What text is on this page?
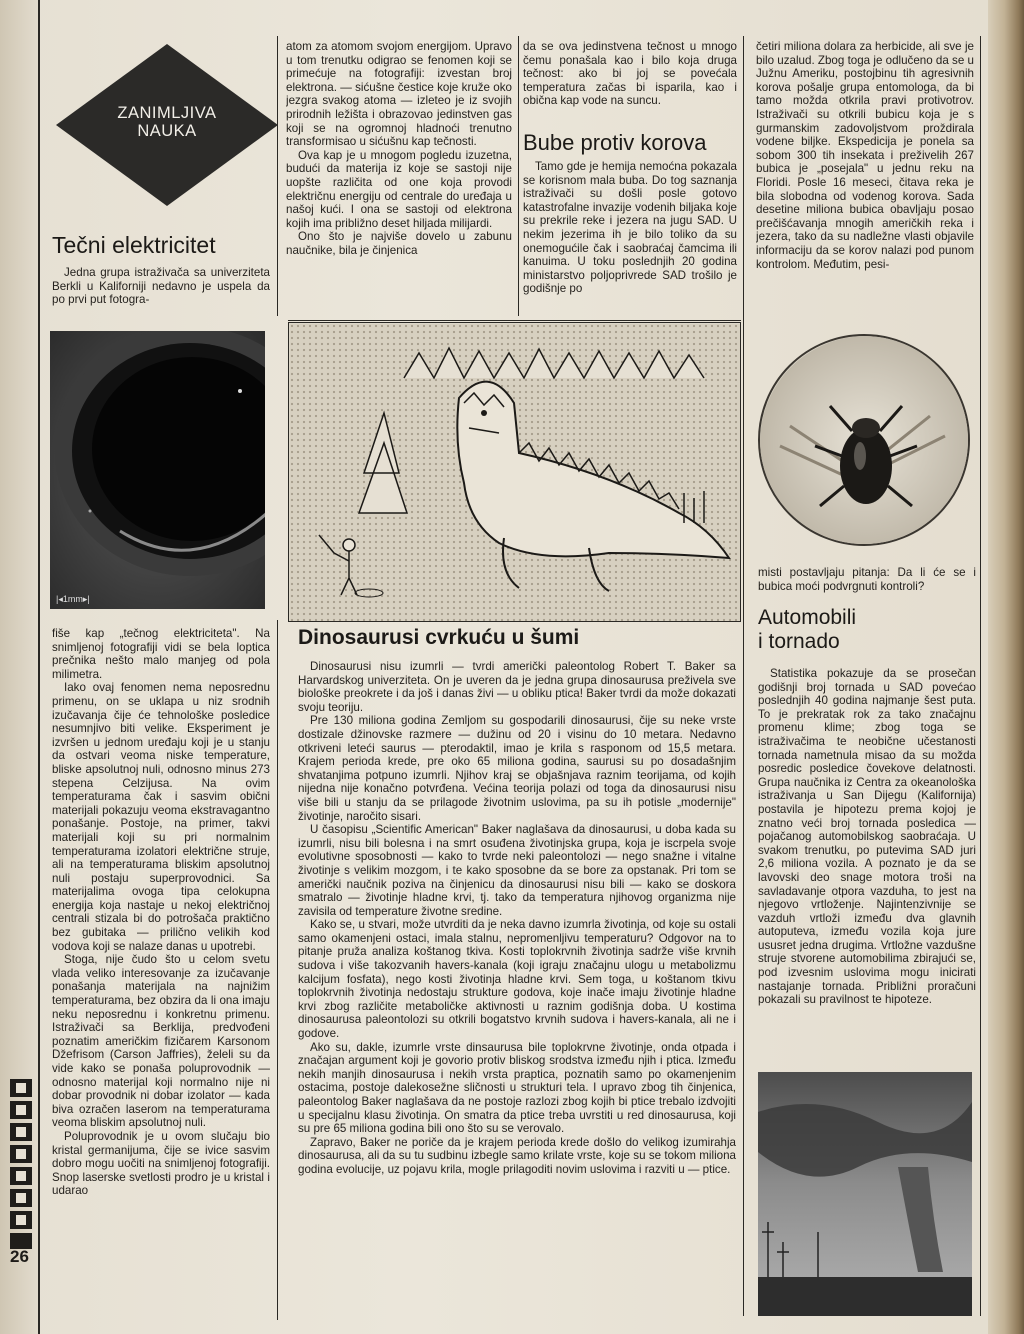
ZANIMLJIVA
NAUKA
Tečni elektricitet

Jedna grupa istraživača sa univerziteta Berkli u Kaliforniji nedavno je uspela da po prvi put fotogra-

|◂1mm▸|

fiše kap „tečnog elektriciteta". Na snimljenoj fotografiji vidi se bela loptica prečnika nešto malo manjeg od pola milimetra.

Iako ovaj fenomen nema neposrednu primenu, on se uklapa u niz srodnih izučavanja čije će tehnološke posledice nesumnjivo biti velike. Eksperiment je izvršen u jednom uređaju koji je u stanju da ostvari veoma niske temperature, bliske apsolutnoj nuli, odnosno minus 273 stepena Celzijusa. Na ovim temperaturama čak i sasvim obični materijali pokazuju veoma ekstravagantno ponašanje. Postoje, na primer, takvi materijali koji su pri normalnim temperaturama izolatori električne struje, ali na temperaturama bliskim apsolutnoj nuli postaju superprovodnici. Sa materijalima ovoga tipa celokupna energija koja nastaje u nekoj električnoj centrali stizala bi do potrošača praktično bez gubitaka — prilično velikih kod vodova koji se nalaze danas u upotrebi.

Stoga, nije čudo što u celom svetu vlada veliko interesovanje za izučavanje ponašanja materijala na najnižim temperaturama, bez obzira da li ona imaju neku neposrednu i konkretnu primenu. Istraživači sa Berklija, predvođeni poznatim američkim fizičarem Karsonom Džefrisom (Carson Jaffries), želeli su da vide kako se ponaša poluprovodnik — odnosno materijal koji normalno nije ni dobar provodnik ni dobar izolator — kada biva ozračen laserom na temperaturama veoma bliskim apsolutnoj nuli.

Poluprovodnik je u ovom slučaju bio kristal germanijuma, čije se ivice sasvim dobro mogu uočiti na snimljenoj fotografiji. Snop laserske svetlosti prodro je u kristal i udarao

atom za atomom svojom energijom. Upravo u tom trenutku odigrao se fenomen koji se primećuje na fotografiji: izvestan broj elektrona. — sićušne čestice koje kruže oko jezgra svakog atoma — izleteo je iz svojih prirodnih ležišta i obrazovao jedinstven gas koji se na ogromnoj hladnoći trenutno transformisao u sićušnu kap tečnosti.

Ova kap je u mnogom pogledu izuzetna, budući da materija iz koje se sastoji nije uopšte različita od one koja provodi električnu energiju od centrale do uređaja u našoj kući. I ona se sastoji od elektrona kojih ima približno deset hiljada milijardi.

Ono što je najviše dovelo u zabunu naučnike, bila je činjenica

da se ova jedinstvena tečnost u mnogo čemu ponašala kao i bilo koja druga tečnost: ako bi joj se povećala temperatura začas bi isparila, kao i obična kap vode na suncu.

Bube protiv korova

Tamo gde je hemija nemoćna pokazala se korisnom mala buba. Do tog saznanja istraživači su došli posle gotovo katastrofalne invazije vodenih biljaka koje su prekrile reke i jezera na jugu SAD. U nekim jezerima ih je bilo toliko da su onemogućile čak i saobraćaj čamcima ili kanuima. U toku poslednjih 20 godina ministarstvo poljoprivrede SAD trošilo je godišnje po

četiri miliona dolara za herbicide, ali sve je bilo uzalud. Zbog toga je odlučeno da se u Južnu Ameriku, postojbinu tih agresivnih korova pošalje grupa entomologa, da bi tamo možda otkrila pravi protivotrov. Istraživači su otkrili bubicu koja je s gurmanskim zadovoljstvom proždirala vodene biljke. Ekspedicija je ponela sa sobom 300 tih insekata i preživelih 267 bubica je „posejala" u jednu reku na Floridi. Posle 16 meseci, čitava reka je bila slobodna od vodenog korova. Sada desetine miliona bubica obavljaju posao prečišćavanja mnogih američkih reka i jezera, tako da su nadležne vlasti objavile informaciju da se korov nalazi pod punom kontrolom. Međutim, pesi-

misti postavljaju pitanja: Da li će se i bubica moći podvrgnuti kontroli?

Automobili
i tornado

Statistika pokazuje da se prosečan godišnji broj tornada u SAD povećao poslednjih 40 godina najmanje šest puta. To je prekratak rok za tako značajnu promenu klime; zbog toga se istraživačima te neobične učestanosti tornada nametnula misao da su možda posredic posledice čovekove delatnosti. Grupa naučnika iz Centra za okeanološka istraživanja u San Dijegu (Kalifornija) postavila je hipotezu prema kojoj je znatno veći broj tornada posledica — pojačanog automobilskog saobraćaja. U svakom trenutku, po putevima SAD juri 2,6 miliona vozila. A poznato je da se lavovski deo snage motora troši na savladavanje otpora vazduha, to jest na njegovo vrtloženje. Najintenzivnije se vazduh vrtloži između dva glavnih autoputeva, između vozila koja jure ususret jedna drugima. Vrtložne vazdušne struje stvorene automobilima zbirajući se, pod izvesnim uslovima mogu inicirati nastajanje tornada. Približni proračuni pokazali su pravilnost te hipoteze.

Dinosaurusi cvrkuću u šumi

Dinosaurusi nisu izumrli — tvrdi američki paleontolog Robert T. Baker sa Harvardskog univerziteta. On je uveren da je jedna grupa dinosaurusa preživela sve biološke preokrete i da još i danas živi — u obliku ptica! Baker tvrdi da može dokazati svoju teoriju.

Pre 130 miliona godina Zemljom su gospodarili dinosaurusi, čije su neke vrste dostizale džinovske razmere — dužinu od 20 i visinu do 10 metara. Nedavno otkriveni leteći saurus — pterodaktil, imao je krila s rasponom od 15,5 metara. Krajem perioda krede, pre oko 65 miliona godina, saurusi su po dosadašnjim shvatanjima potpuno izumrli. Njihov kraj se objašnjava raznim teorijama, od kojih nijedna nije konačno potvrđena. Većina teorija polazi od toga da dinosaurusi nisu više bili u stanju da se prilagode životnim uslovima, pa su ih potisle „modernije" životinje, naročito sisari.

U časopisu „Scientific American" Baker naglašava da dinosaurusi, u doba kada su izumrli, nisu bili bolesna i na smrt osuđena životinjska grupa, koja je iscrpela svoje evolutivne sposobnosti — kako to tvrde neki paleontolozi — nego snažne i vitalne životinje s velikim mozgom, i te kako sposobne da se bore za opstanak. Pri tom se američki naučnik poziva na činjenicu da dinosaurusi nisu bili — kako se doskora smatralo — životinje hladne krvi, tj. tako da temperatura njihovog organizma nije zavisila od temperature životne sredine.

Kako se, u stvari, može utvrditi da je neka davno izumrla životinja, od koje su ostali samo okamenjeni ostaci, imala stalnu, nepromenljivu temperaturu? Odgovor na to pitanje pruža analiza koštanog tkiva. Kosti toplokrvnih životinja sadrže više krvnih sudova i više takozvanih havers-kanala (koji igraju značajnu ulogu u metabolizmu kalcijum fosfata), nego kosti životinja hladne krvi. Sem toga, u koštanom tkivu toplokrvnih životinja nedostaju strukture godova, koje inače imaju životinje hladne krvi zbog različite metaboličke aktivnosti u raznim godišnja doba. U kostima dinosaurusa paleontolozi su otkrili bogatstvo krvnih sudova i havers-kanala, ali ne i godove.

Ako su, dakle, izumrle vrste dinsaurusa bile toplokrvne životinje, onda otpada i značajan argument koji je govorio protiv bliskog srodstva između njih i ptica. Između nekih manjih dinosaurusa i nekih vrsta praptica, poznatih samo po okamenjenim ostacima, postoje dalekosežne sličnosti u strukturi tela. I upravo zbog tih činjenica, paleontolog Baker naglašava da ne postoje razlozi zbog kojih bi ptice trebalo izdvojiti u specijalnu klasu životinja. On smatra da ptice treba uvrstiti u red dinosaurusa, koji su pre 65 miliona godina bili ono što su se verovalo.

Zapravo, Baker ne poriče da je krajem perioda krede došlo do velikog izumirahja dinosaurusa, ali da su tu sudbinu izbegle samo krilate vrste, koje su se tokom miliona godina evolucije, uz pojavu krila, mogle prilagoditi novim uslovima i razviti u — ptice.

26
